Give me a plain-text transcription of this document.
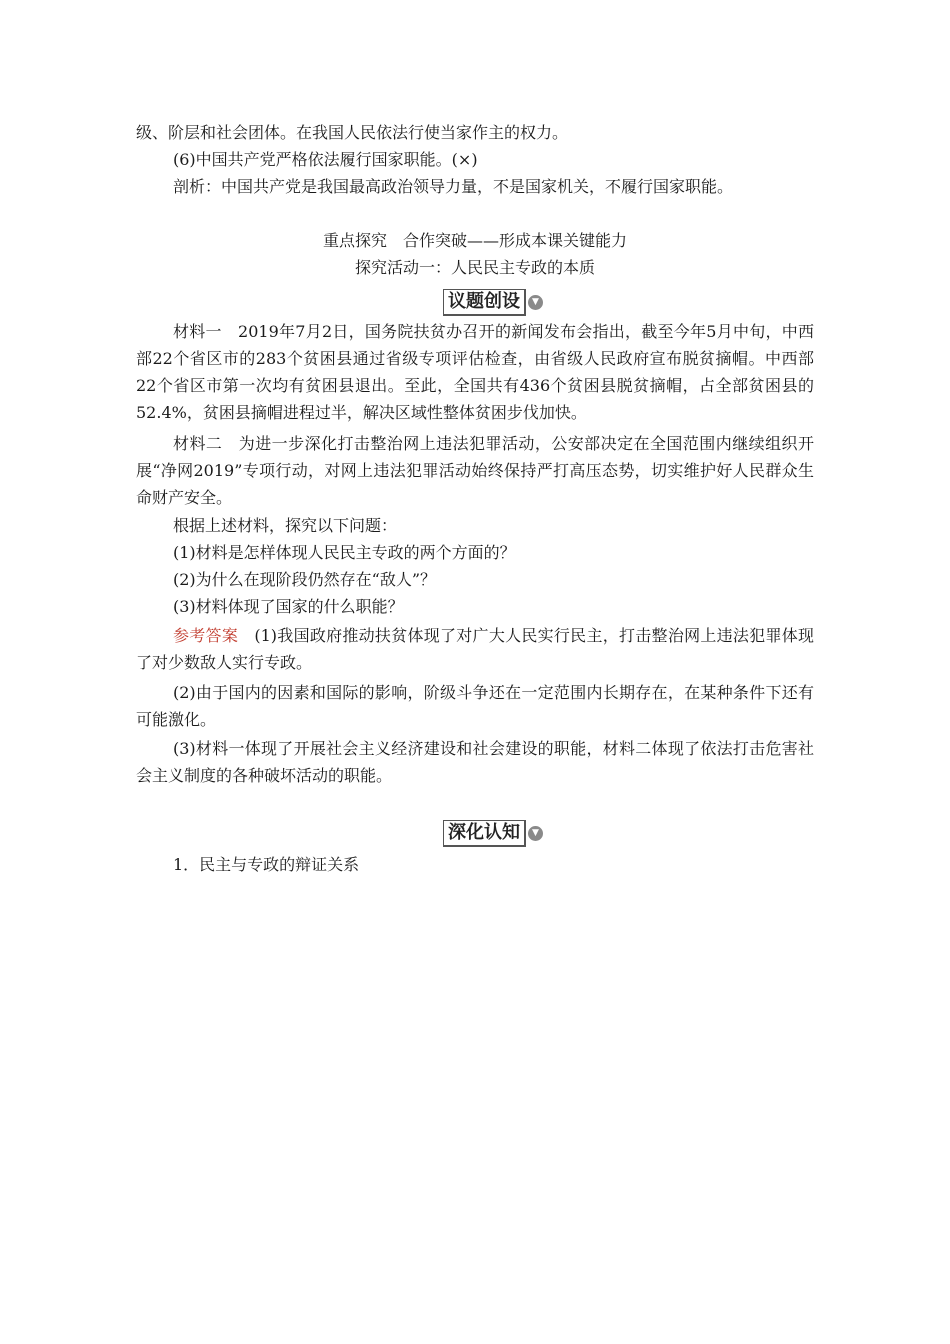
级、阶层和社会团体。在我国人民依法行使当家作主的权力。

(6)中国共产党严格依法履行国家职能。(×)

剖析：中国共产党是我国最高政治领导力量，不是国家机关，不履行国家职能。

重点探究　合作突破——形成本课关键能力

探究活动一：人民民主专政的本质

议题创设	▼

材料一　2019年7月2日，国务院扶贫办召开的新闻发布会指出，截至今年5月中旬，中西部22个省区市的283个贫困县通过省级专项评估检查，由省级人民政府宣布脱贫摘帽。中西部22个省区市第一次均有贫困县退出。至此，全国共有436个贫困县脱贫摘帽，占全部贫困县的52.4%，贫困县摘帽进程过半，解决区域性整体贫困步伐加快。

材料二　为进一步深化打击整治网上违法犯罪活动，公安部决定在全国范围内继续组织开展“净网2019”专项行动，对网上违法犯罪活动始终保持严打高压态势，切实维护好人民群众生命财产安全。

根据上述材料，探究以下问题：

(1)材料是怎样体现人民民主专政的两个方面的？

(2)为什么在现阶段仍然存在“敌人”？

(3)材料体现了国家的什么职能？

参考答案　(1)我国政府推动扶贫体现了对广大人民实行民主，打击整治网上违法犯罪体现了对少数敌人实行专政。

(2)由于国内的因素和国际的影响，阶级斗争还在一定范围内长期存在，在某种条件下还有可能激化。

(3)材料一体现了开展社会主义经济建设和社会建设的职能，材料二体现了依法打击危害社会主义制度的各种破坏活动的职能。

深化认知	▼

1．民主与专政的辩证关系
